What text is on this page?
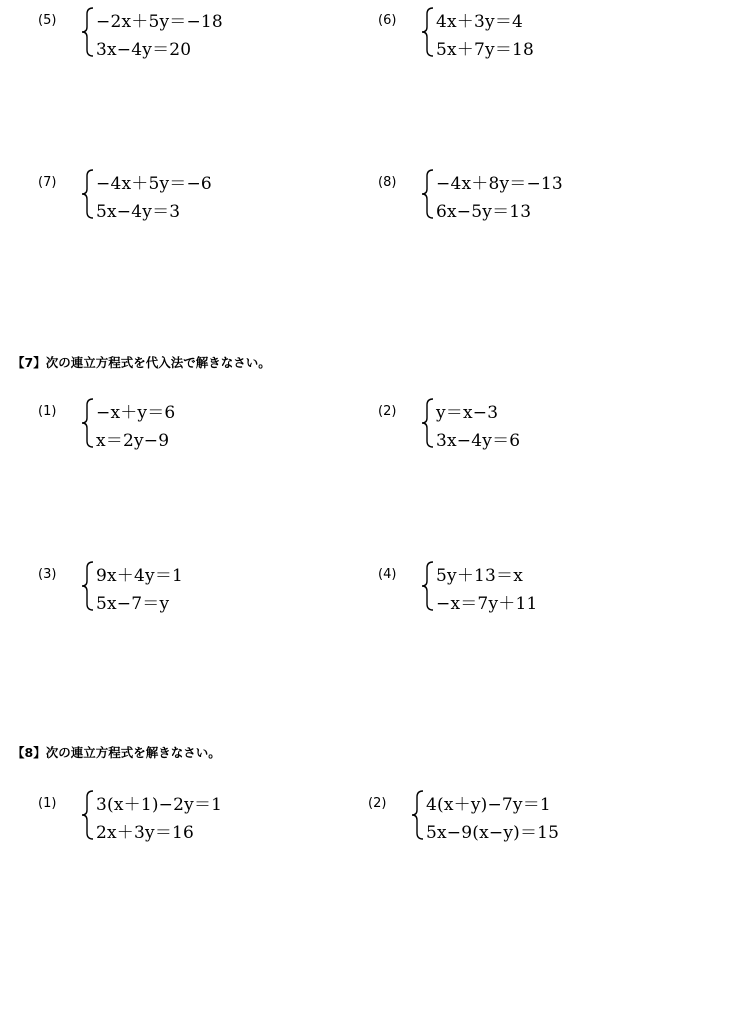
(5) −2x＋5y＝−18
3x−4y＝20
(6) 4x＋3y＝4
5x＋7y＝18
(7) −4x＋5y＝−6
5x−4y＝3
(8) −4x＋8y＝−13
6x−5y＝13
【7】次の連立方程式を代入法で解きなさい。
(1) −x＋y＝6
x＝2y−9
(2) y＝x−3
3x−4y＝6
(3) 9x＋4y＝1
5x−7＝y
(4) 5y＋13＝x
−x＝7y＋11
【8】次の連立方程式を解きなさい。
(1) 3(x＋1)−2y＝1
2x＋3y＝16
(2) 4(x＋y)−7y＝1
5x−9(x−y)＝15
